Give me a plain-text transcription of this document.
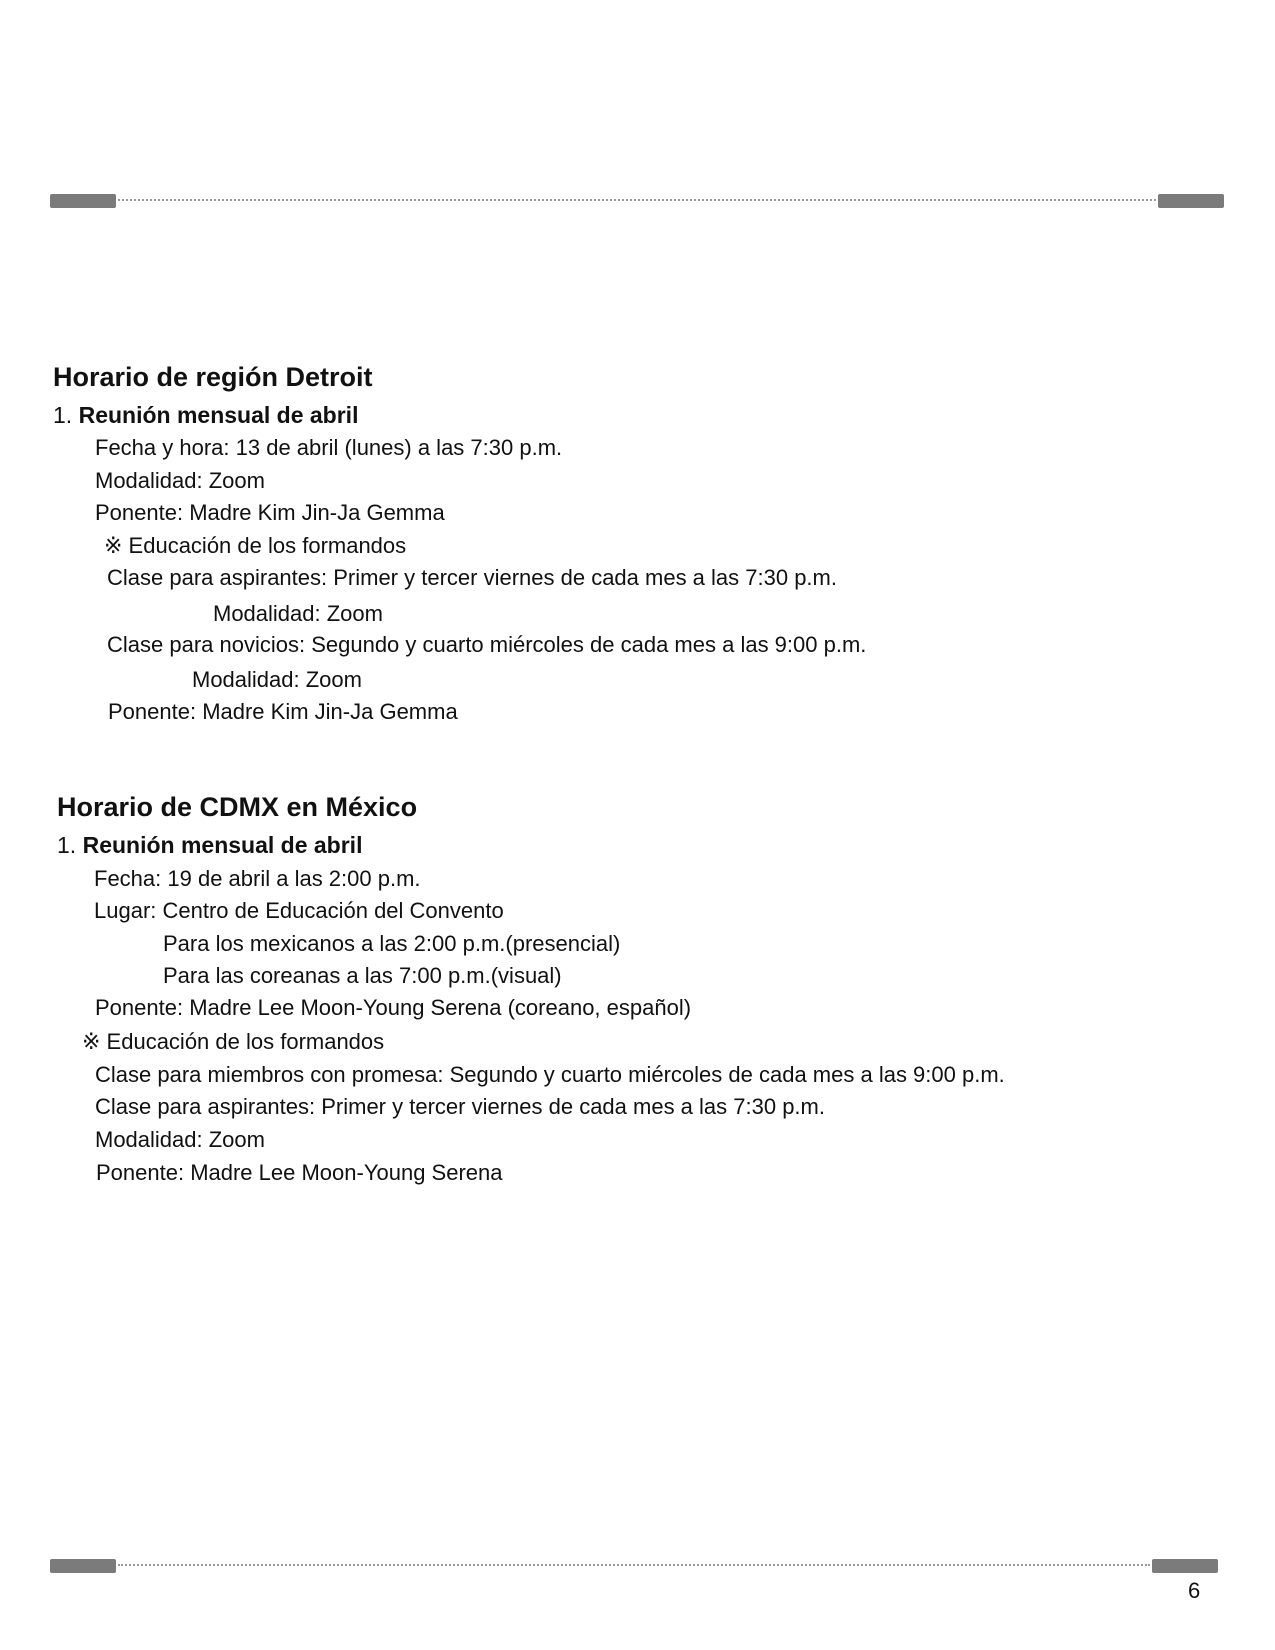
Horario de región Detroit
1. Reunión mensual de abril
Fecha y hora: 13 de abril (lunes) a las 7:30 p.m.
Modalidad: Zoom
Ponente: Madre Kim Jin-Ja Gemma
※ Educación de los formandos
Clase para aspirantes: Primer y tercer viernes de cada mes a las 7:30 p.m.
Modalidad: Zoom
Clase para novicios: Segundo y cuarto miércoles de cada mes a las 9:00 p.m.
Modalidad: Zoom
Ponente: Madre Kim Jin-Ja Gemma
Horario de CDMX en México
1. Reunión mensual de abril
Fecha: 19 de abril a las 2:00 p.m.
Lugar: Centro de Educación del Convento
Para los mexicanos a las 2:00 p.m.(presencial)
Para las coreanas a las 7:00 p.m.(visual)
Ponente: Madre Lee Moon-Young Serena (coreano, español)
※ Educación de los formandos
Clase para miembros con promesa: Segundo y cuarto miércoles de cada mes a las 9:00 p.m.
Clase para aspirantes: Primer y tercer viernes de cada mes a las 7:30 p.m.
Modalidad: Zoom
Ponente: Madre Lee Moon-Young Serena
6
